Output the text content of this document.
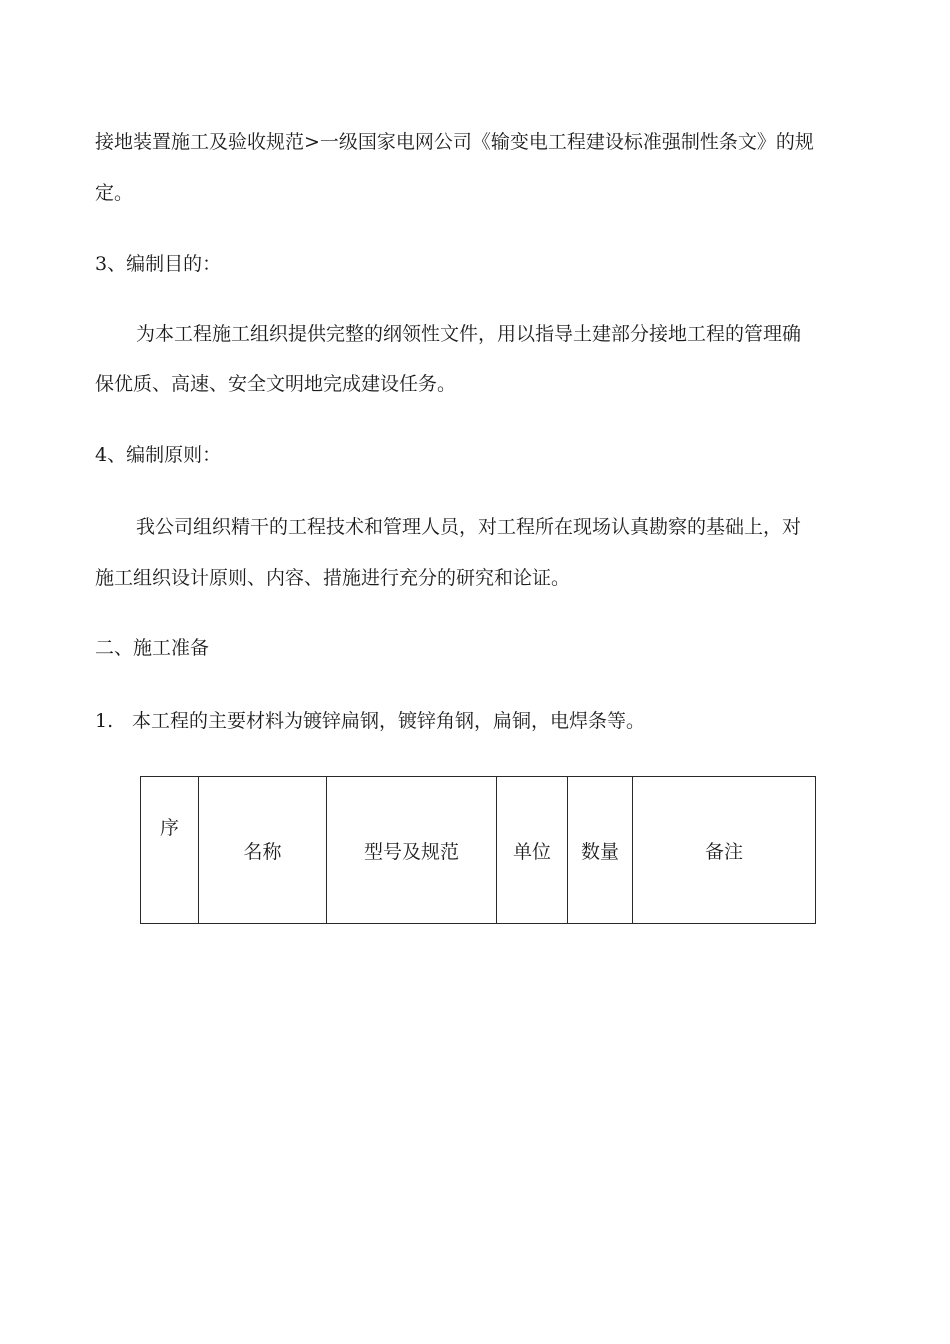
接地装置施工及验收规范>一级国家电网公司《输变电工程建设标准强制性条文》的规

定。

3、编制目的：

为本工程施工组织提供完整的纲领性文件，用以指导土建部分接地工程的管理确

保优质、高速、安全文明地完成建设任务。

4、编制原则：

我公司组织精干的工程技术和管理人员，对工程所在现场认真勘察的基础上，对

施工组织设计原则、内容、措施进行充分的研究和论证。

二、施工准备

1. 本工程的主要材料为镀锌扁钢，镀锌角钢，扁铜，电焊条等。

序	名称	型号及规范	单位	数量	备注
